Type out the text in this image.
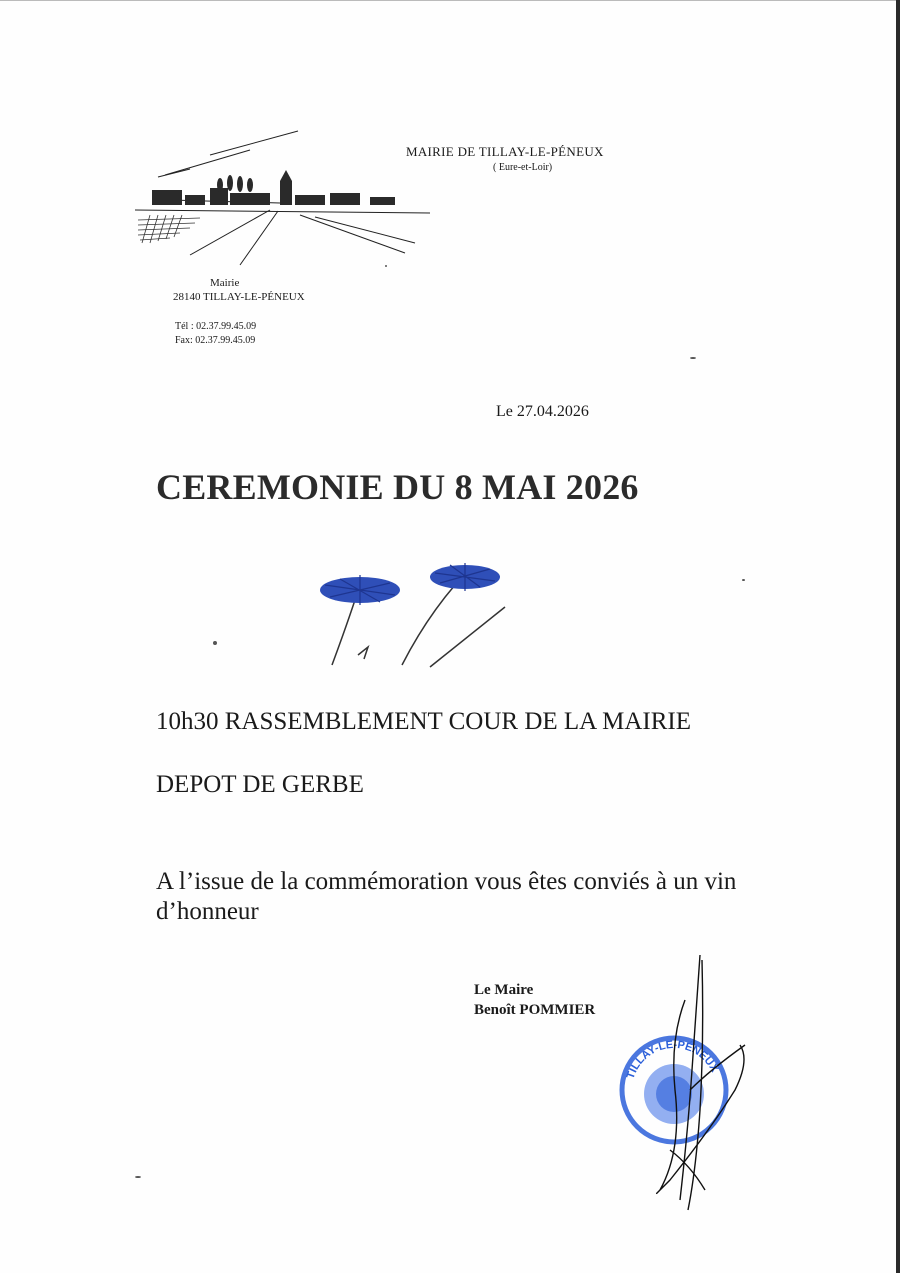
MAIRIE DE TILLAY-LE-PÉNEUX
( Eure-et-Loir)
Mairie
28140 TILLAY-LE-PÉNEUX
Tél : 02.37.99.45.09
Fax: 02.37.99.45.09
Le 27.04.2026
CEREMONIE DU 8 MAI 2026
10h30 RASSEMBLEMENT COUR DE LA MAIRIE
DEPOT DE GERBE
A l’issue de la commémoration vous êtes conviés à un vin d’honneur
Le Maire
Benoît POMMIER
TILLAY-LE-PÉNEUX
